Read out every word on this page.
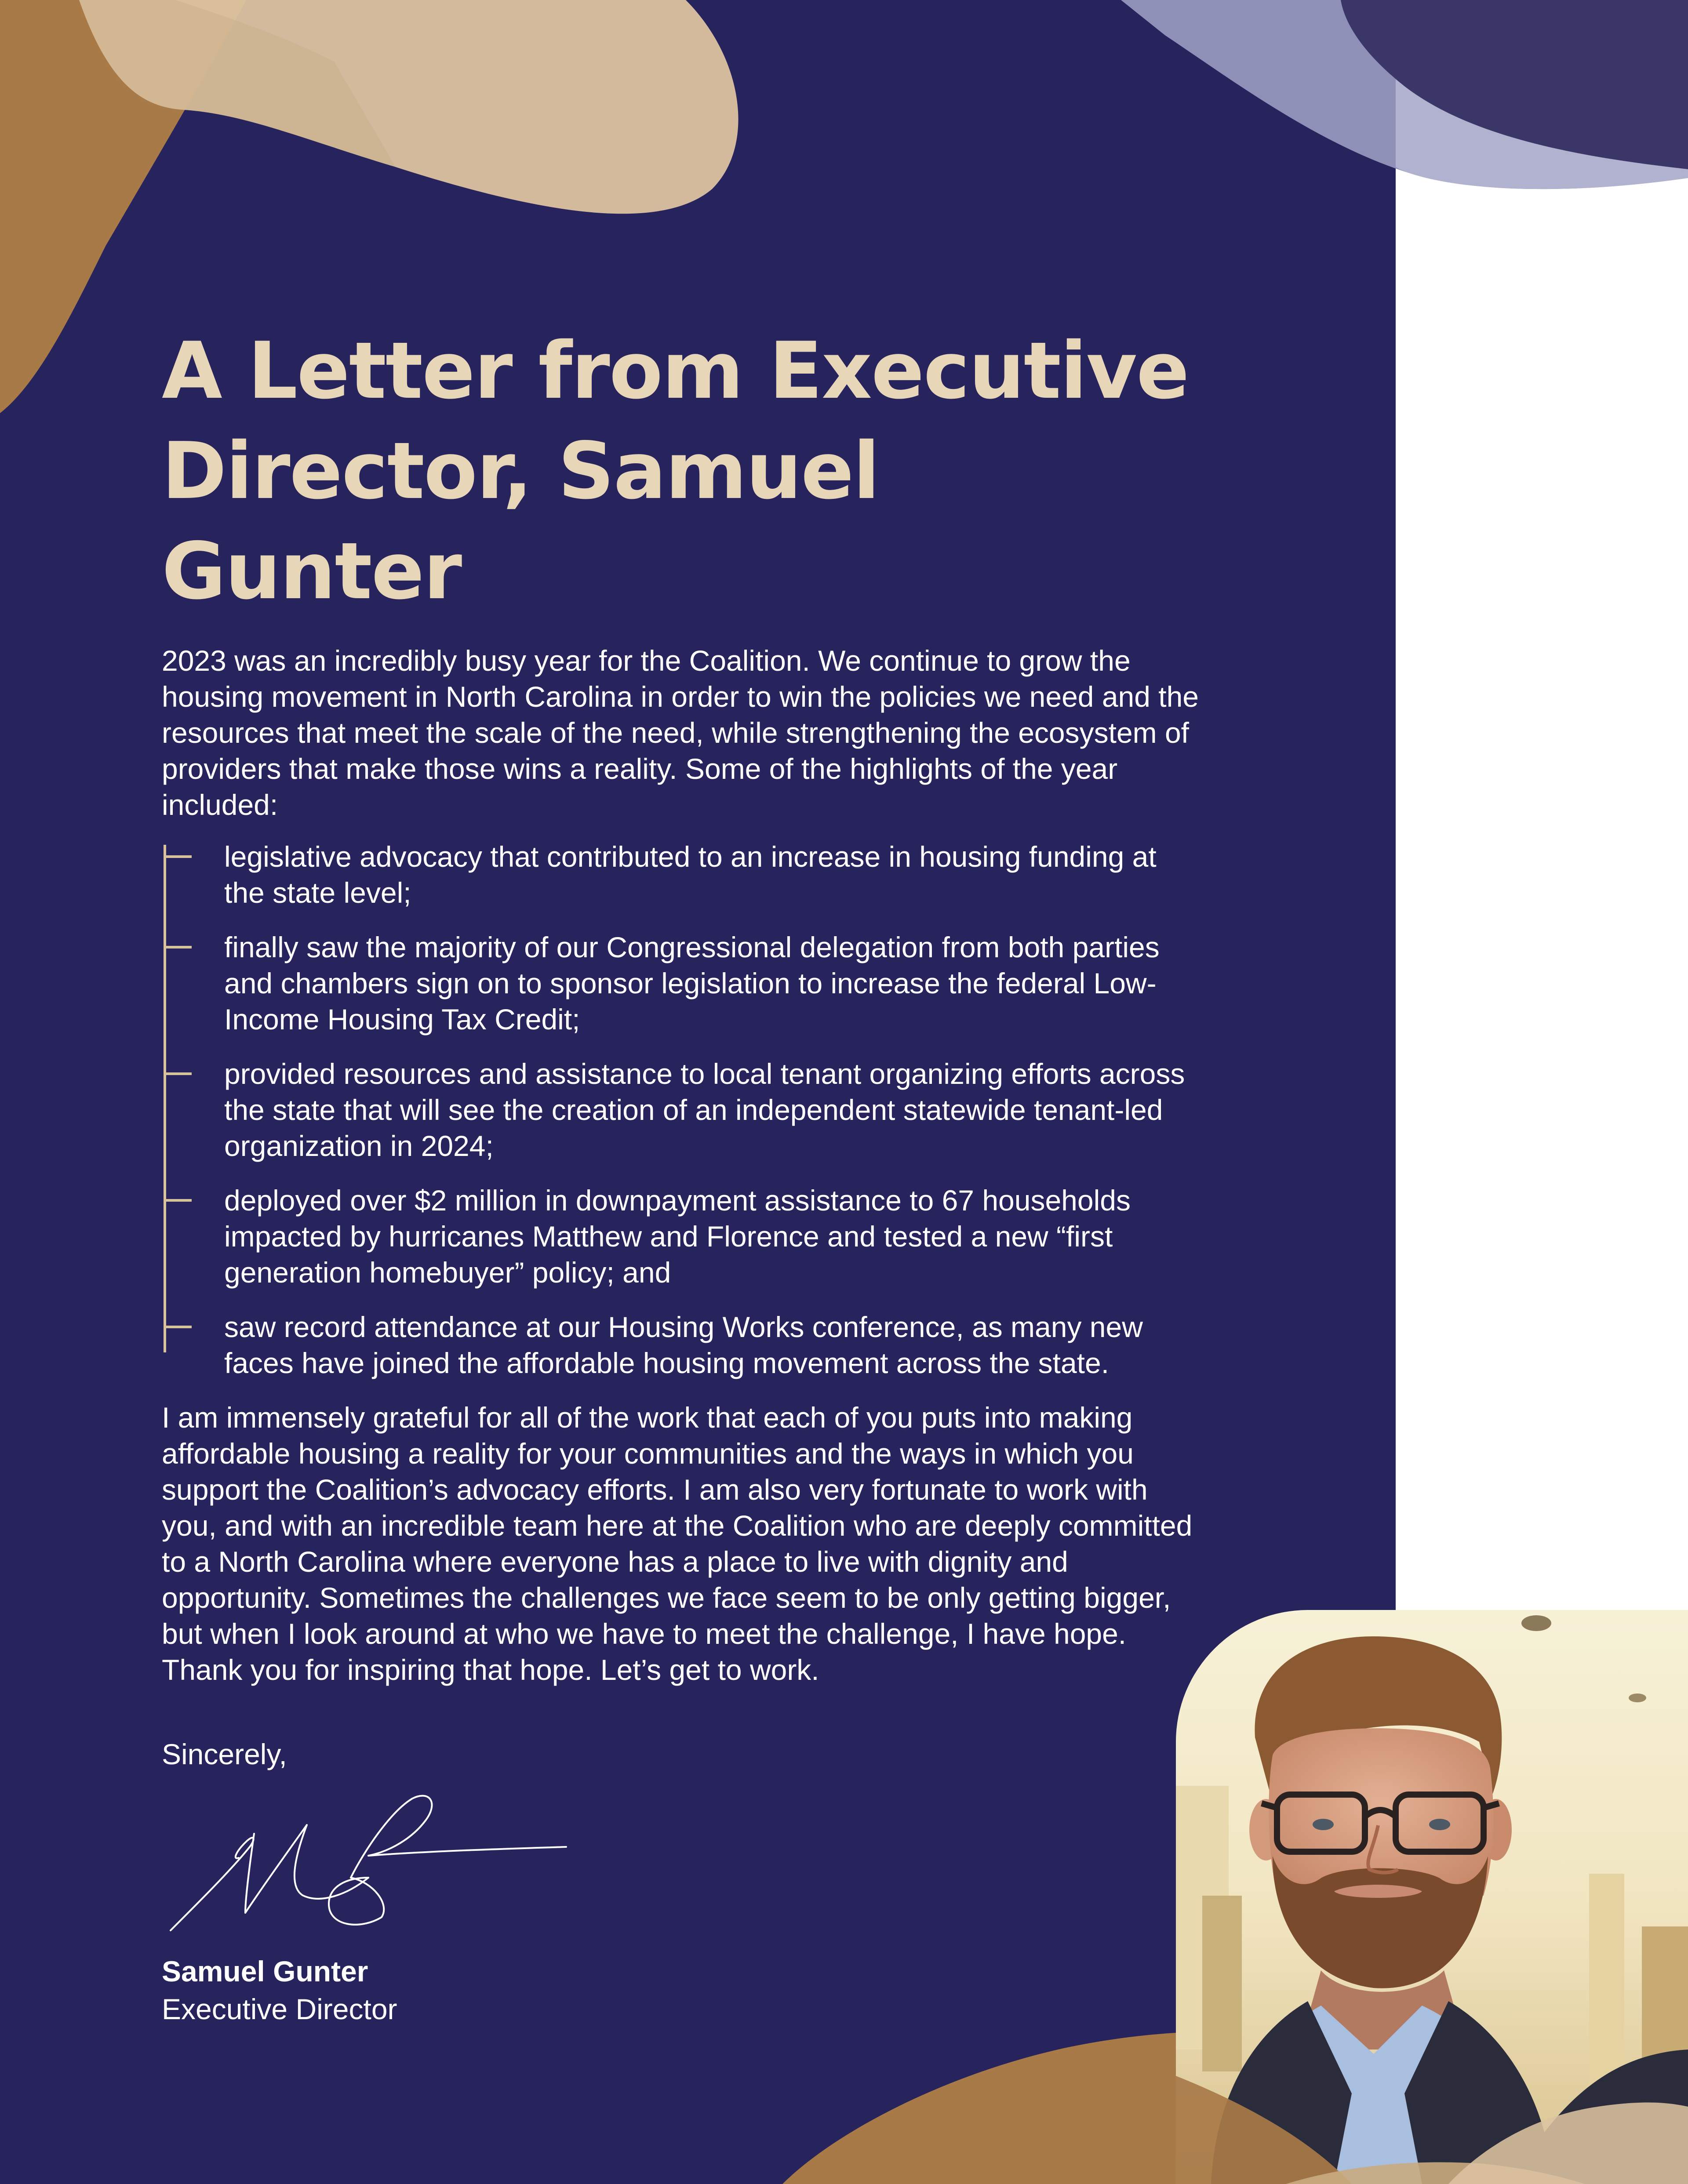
A Letter from Executive
Director, Samuel Gunter

2023 was an incredibly busy year for the Coalition. We continue to grow the housing movement in North Carolina in order to win the policies we need and the resources that meet the scale of the need, while strengthening the ecosystem of providers that make those wins a reality. Some of the highlights of the year included:

legislative advocacy that contributed to an increase in housing funding at the state level;
finally saw the majority of our Congressional delegation from both parties and chambers sign on to sponsor legislation to increase the federal Low-Income Housing Tax Credit;
provided resources and assistance to local tenant organizing efforts across the state that will see the creation of an independent statewide tenant-led organization in 2024;
deployed over $2 million in downpayment assistance to 67 households impacted by hurricanes Matthew and Florence and tested a new “first generation homebuyer” policy; and
saw record attendance at our Housing Works conference, as many new faces have joined the affordable housing movement across the state.

I am immensely grateful for all of the work that each of you puts into making affordable housing a reality for your communities and the ways in which you support the Coalition’s advocacy efforts. I am also very fortunate to work with you, and with an incredible team here at the Coalition who are deeply committed to a North Carolina where everyone has a place to live with dignity and opportunity. Sometimes the challenges we face seem to be only getting bigger, but when I look around at who we have to meet the challenge, I have hope. Thank you for inspiring that hope. Let’s get to work.

Sincerely,

Samuel Gunter

Executive Director
